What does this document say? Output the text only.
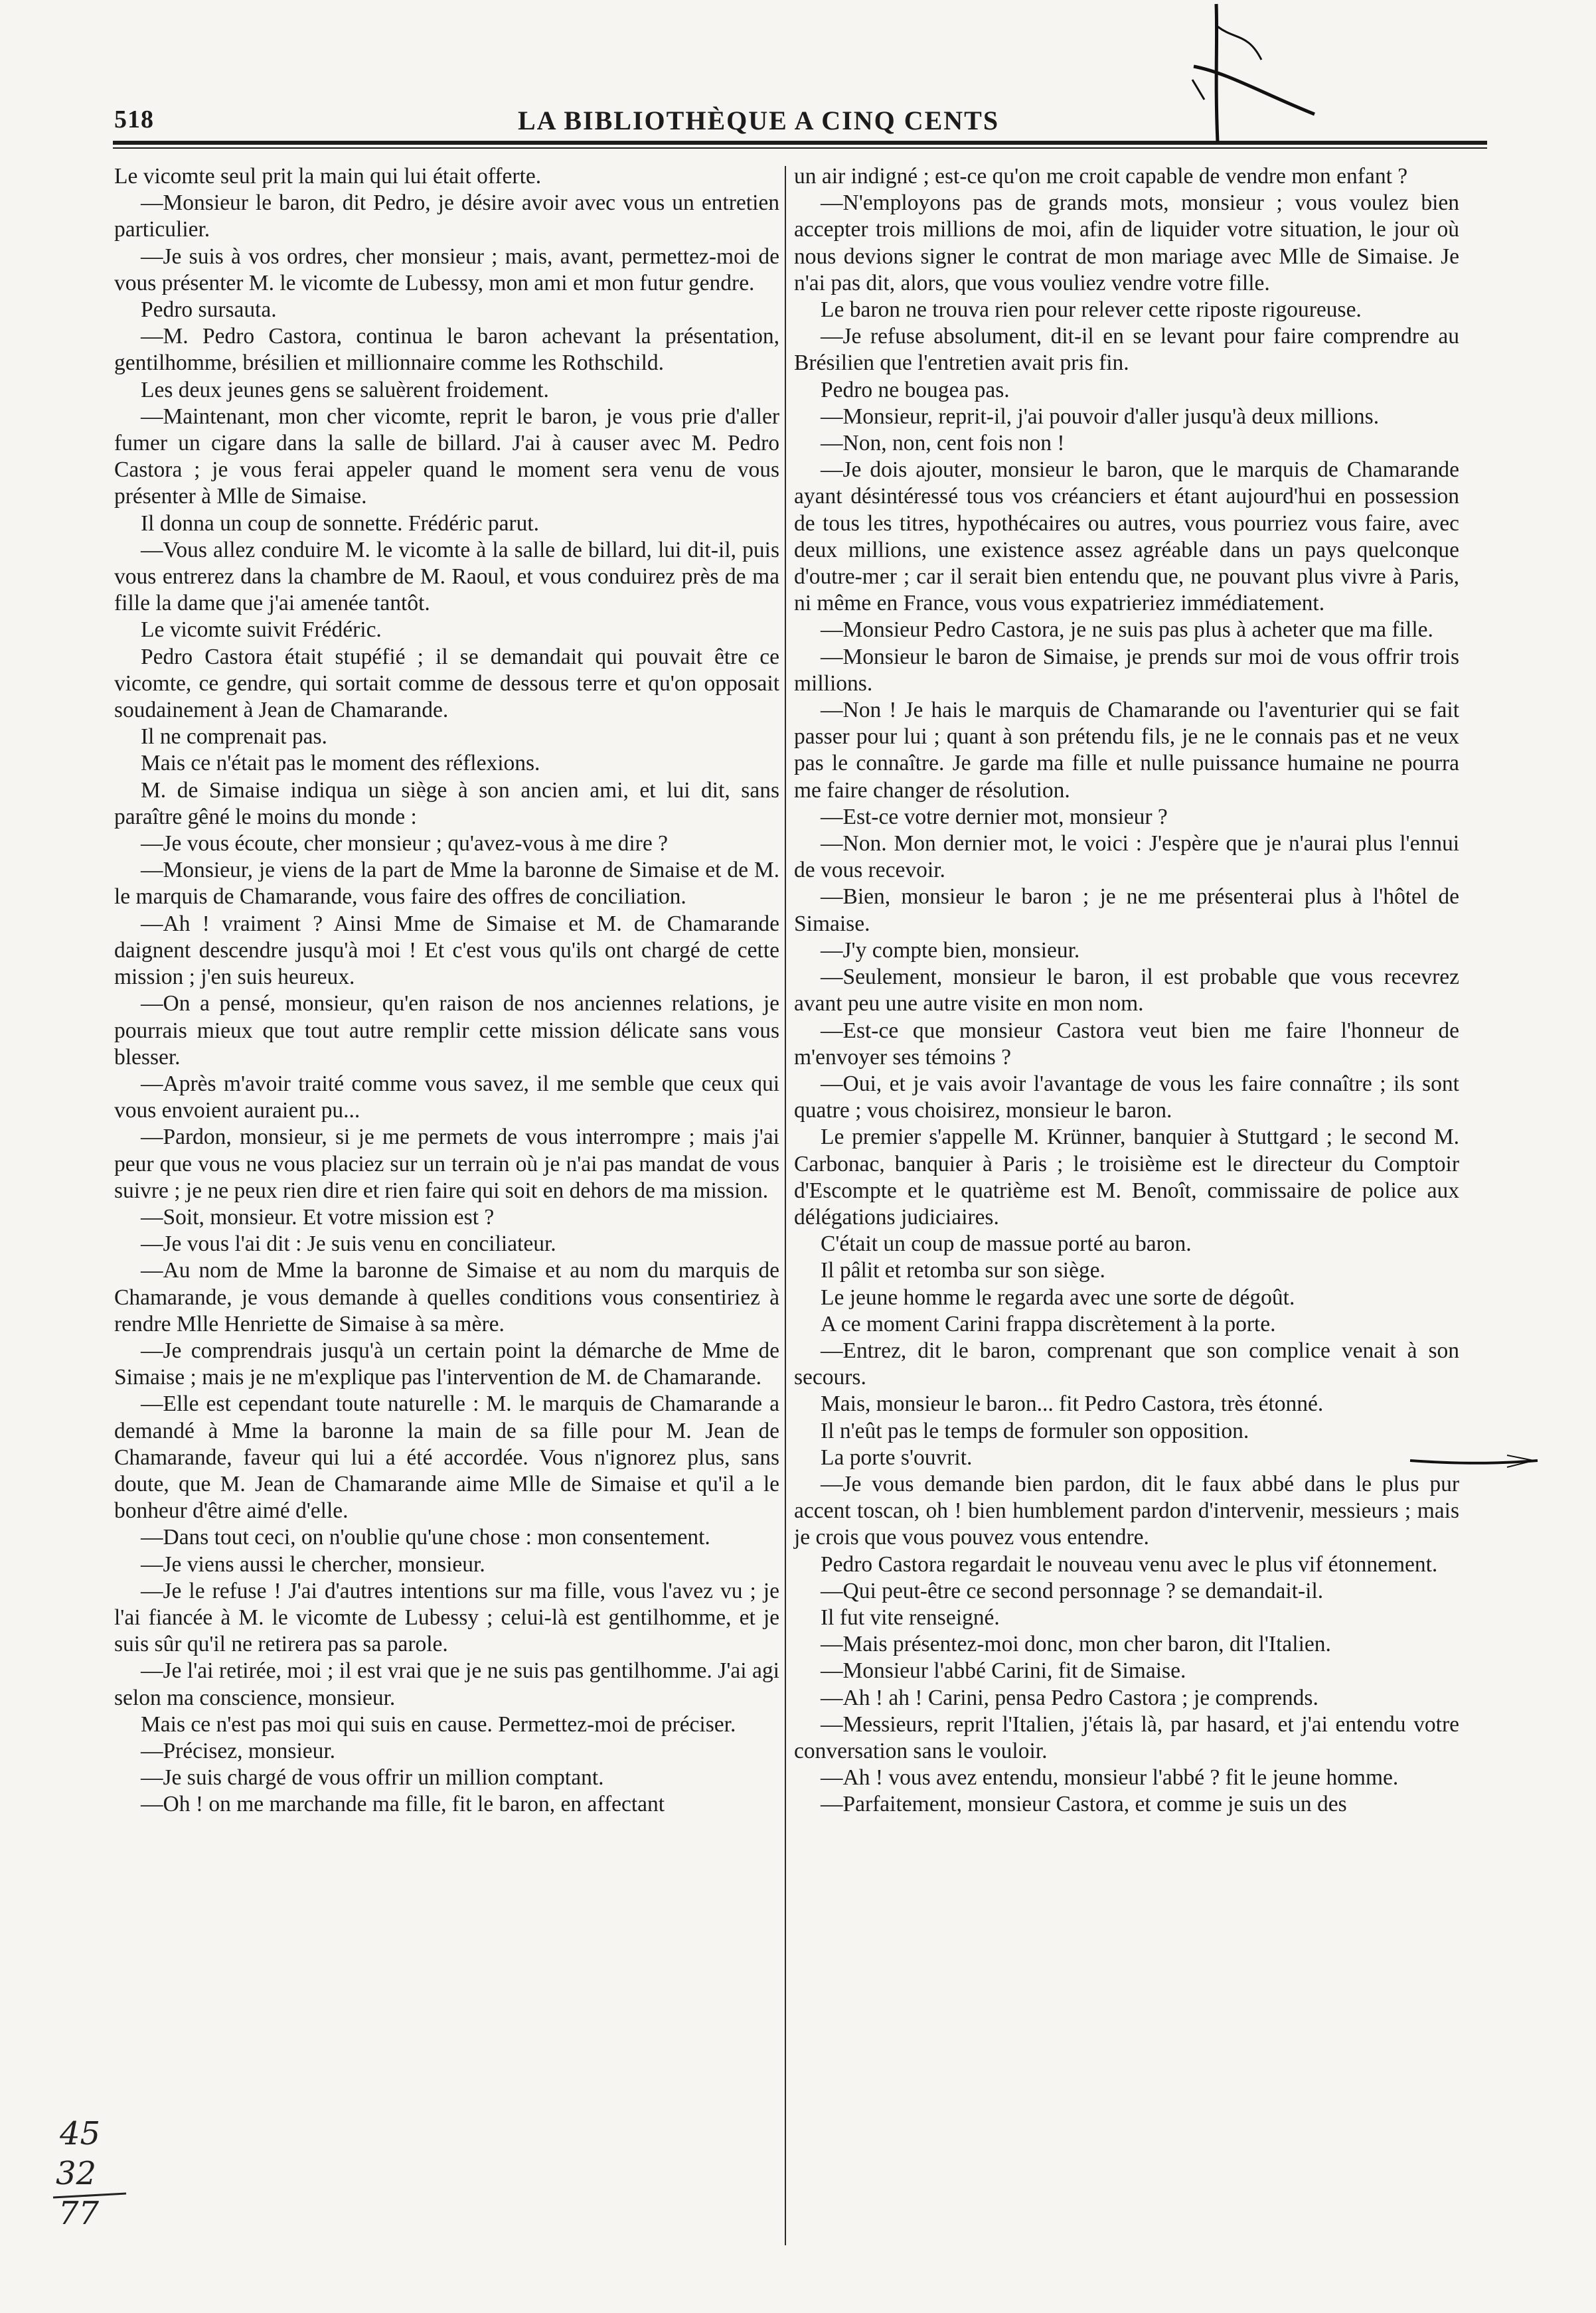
518	LA BIBLIOTHÈQUE A CINQ CENTS

Le vicomte seul prit la main qui lui était offerte.

—Monsieur le baron, dit Pedro, je désire avoir avec vous un entretien particulier.

—Je suis à vos ordres, cher monsieur ; mais, avant, permettez-moi de vous présenter M. le vicomte de Lubessy, mon ami et mon futur gendre.

Pedro sursauta.

—M. Pedro Castora, continua le baron achevant la présentation, gentilhomme, brésilien et millionnaire comme les Rothschild.

Les deux jeunes gens se saluèrent froidement.

—Maintenant, mon cher vicomte, reprit le baron, je vous prie d'aller fumer un cigare dans la salle de billard. J'ai à causer avec M. Pedro Castora ; je vous ferai appeler quand le moment sera venu de vous présenter à Mlle de Simaise.

Il donna un coup de sonnette. Frédéric parut.

—Vous allez conduire M. le vicomte à la salle de billard, lui dit-il, puis vous entrerez dans la chambre de M. Raoul, et vous conduirez près de ma fille la dame que j'ai amenée tantôt.

Le vicomte suivit Frédéric.

Pedro Castora était stupéfié ; il se demandait qui pouvait être ce vicomte, ce gendre, qui sortait comme de dessous terre et qu'on opposait soudainement à Jean de Chamarande.

Il ne comprenait pas.

Mais ce n'était pas le moment des réflexions.

M. de Simaise indiqua un siège à son ancien ami, et lui dit, sans paraître gêné le moins du monde :

—Je vous écoute, cher monsieur ; qu'avez-vous à me dire ?

—Monsieur, je viens de la part de Mme la baronne de Simaise et de M. le marquis de Chamarande, vous faire des offres de conciliation.

—Ah ! vraiment ? Ainsi Mme de Simaise et M. de Chamarande daignent descendre jusqu'à moi ! Et c'est vous qu'ils ont chargé de cette mission ; j'en suis heureux.

—On a pensé, monsieur, qu'en raison de nos anciennes relations, je pourrais mieux que tout autre remplir cette mission délicate sans vous blesser.

—Après m'avoir traité comme vous savez, il me semble que ceux qui vous envoient auraient pu...

—Pardon, monsieur, si je me permets de vous interrompre ; mais j'ai peur que vous ne vous placiez sur un terrain où je n'ai pas mandat de vous suivre ; je ne peux rien dire et rien faire qui soit en dehors de ma mission.

—Soit, monsieur. Et votre mission est ?

—Je vous l'ai dit : Je suis venu en conciliateur.

—Au nom de Mme la baronne de Simaise et au nom du marquis de Chamarande, je vous demande à quelles conditions vous consentiriez à rendre Mlle Henriette de Simaise à sa mère.

—Je comprendrais jusqu'à un certain point la démarche de Mme de Simaise ; mais je ne m'explique pas l'intervention de M. de Chamarande.

—Elle est cependant toute naturelle : M. le marquis de Chamarande a demandé à Mme la baronne la main de sa fille pour M. Jean de Chamarande, faveur qui lui a été accordée. Vous n'ignorez plus, sans doute, que M. Jean de Chamarande aime Mlle de Simaise et qu'il a le bonheur d'être aimé d'elle.

—Dans tout ceci, on n'oublie qu'une chose : mon consentement.

—Je viens aussi le chercher, monsieur.

—Je le refuse ! J'ai d'autres intentions sur ma fille, vous l'avez vu ; je l'ai fiancée à M. le vicomte de Lubessy ; celui-là est gentilhomme, et je suis sûr qu'il ne retirera pas sa parole.

—Je l'ai retirée, moi ; il est vrai que je ne suis pas gentilhomme. J'ai agi selon ma conscience, monsieur.

Mais ce n'est pas moi qui suis en cause. Permettez-moi de préciser.

—Précisez, monsieur.

—Je suis chargé de vous offrir un million comptant.

—Oh ! on me marchande ma fille, fit le baron, en affectant

un air indigné ; est-ce qu'on me croit capable de vendre mon enfant ?

—N'employons pas de grands mots, monsieur ; vous voulez bien accepter trois millions de moi, afin de liquider votre situation, le jour où nous devions signer le contrat de mon mariage avec Mlle de Simaise. Je n'ai pas dit, alors, que vous vouliez vendre votre fille.

Le baron ne trouva rien pour relever cette riposte rigoureuse.

—Je refuse absolument, dit-il en se levant pour faire comprendre au Brésilien que l'entretien avait pris fin.

Pedro ne bougea pas.

—Monsieur, reprit-il, j'ai pouvoir d'aller jusqu'à deux millions.

—Non, non, cent fois non !

—Je dois ajouter, monsieur le baron, que le marquis de Chamarande ayant désintéressé tous vos créanciers et étant aujourd'hui en possession de tous les titres, hypothécaires ou autres, vous pourriez vous faire, avec deux millions, une existence assez agréable dans un pays quelconque d'outre-mer ; car il serait bien entendu que, ne pouvant plus vivre à Paris, ni même en France, vous vous expatrieriez immédiatement.

—Monsieur Pedro Castora, je ne suis pas plus à acheter que ma fille.

—Monsieur le baron de Simaise, je prends sur moi de vous offrir trois millions.

—Non ! Je hais le marquis de Chamarande ou l'aventurier qui se fait passer pour lui ; quant à son prétendu fils, je ne le connais pas et ne veux pas le connaître. Je garde ma fille et nulle puissance humaine ne pourra me faire changer de résolution.

—Est-ce votre dernier mot, monsieur ?

—Non. Mon dernier mot, le voici : J'espère que je n'aurai plus l'ennui de vous recevoir.

—Bien, monsieur le baron ; je ne me présenterai plus à l'hôtel de Simaise.

—J'y compte bien, monsieur.

—Seulement, monsieur le baron, il est probable que vous recevrez avant peu une autre visite en mon nom.

—Est-ce que monsieur Castora veut bien me faire l'honneur de m'envoyer ses témoins ?

—Oui, et je vais avoir l'avantage de vous les faire connaître ; ils sont quatre ; vous choisirez, monsieur le baron.

Le premier s'appelle M. Krünner, banquier à Stuttgard ; le second M. Carbonac, banquier à Paris ; le troisième est le directeur du Comptoir d'Escompte et le quatrième est M. Benoît, commissaire de police aux délégations judiciaires.

C'était un coup de massue porté au baron.

Il pâlit et retomba sur son siège.

Le jeune homme le regarda avec une sorte de dégoût.

A ce moment Carini frappa discrètement à la porte.

—Entrez, dit le baron, comprenant que son complice venait à son secours.

Mais, monsieur le baron... fit Pedro Castora, très étonné.

Il n'eût pas le temps de formuler son opposition.

La porte s'ouvrit.

—Je vous demande bien pardon, dit le faux abbé dans le plus pur accent toscan, oh ! bien humblement pardon d'intervenir, messieurs ; mais je crois que vous pouvez vous entendre.

Pedro Castora regardait le nouveau venu avec le plus vif étonnement.

—Qui peut-être ce second personnage ? se demandait-il.

Il fut vite renseigné.

—Mais présentez-moi donc, mon cher baron, dit l'Italien.

—Monsieur l'abbé Carini, fit de Simaise.

—Ah ! ah ! Carini, pensa Pedro Castora ; je comprends.

—Messieurs, reprit l'Italien, j'étais là, par hasard, et j'ai entendu votre conversation sans le vouloir.

—Ah ! vous avez entendu, monsieur l'abbé ? fit le jeune homme.

—Parfaitement, monsieur Castora, et comme je suis un des

45
32
77
